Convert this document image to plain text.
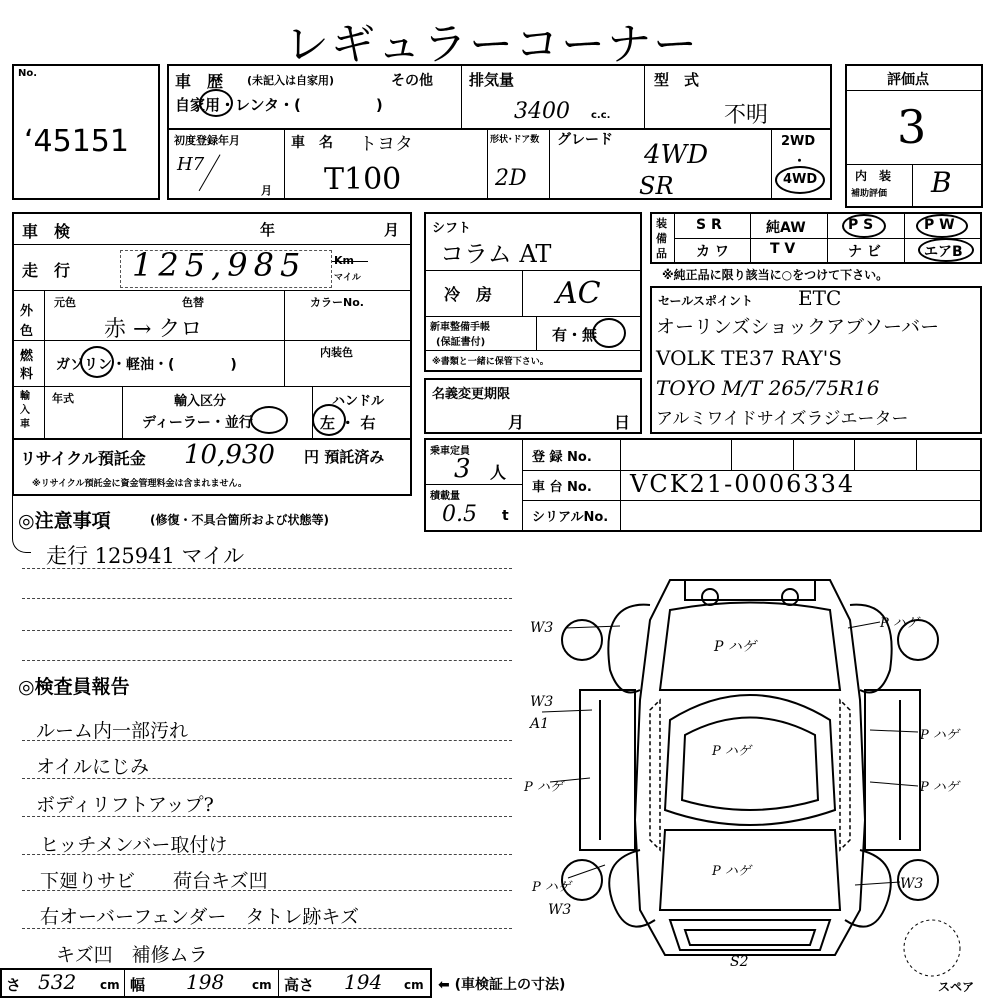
レギュラーコーナー
No.
‘45151
車　歴 (未記入は自家用)	その他
自家用・レンタ・(　　　　　)
排気量
3400 c.c.
型　式
不明
初度登録年月
H7
月
車　名 トヨタ
T100
形状･ドア数
2D
グレード 4WD
SR
2WD
・
4WD
評価点
3
内　装
補助評価 B
車　検	年	月
走　行 125,985	Km
マイル
外色
元色	色替
赤 → クロ
カラーNo.
燃料
ガソリン・軽油・(　　　　)
内装色
輸入車
年式	輸入区分
ディーラー・並行
ハンドル
左 ・ 右
リサイクル預託金 10,930 円 預託済み
※リサイクル預託金に資金管理料金は含まれません。
シフト
コラム AT
冷　房 AC
新車整備手帳
(保証書付)	有・無
※書類と一緒に保管下さい。
名義変更期限
月	日
乗車定員
3 人
積載量
0.5 t
登 録 No.
車 台 No. VCK21-0006334
シリアルNo.
装備品
S R	純AW	P S	P W
カ ワ	T V	ナ ビ	エアB
※純正品に限り該当に○をつけて下さい。
セールスポイント ETC
オーリンズショックアブソーバー
VOLK TE37 RAY'S
TOYO M/T 265/75R16
アルミワイドサイズラジエーター
◎注意事項	(修復・不具合箇所および状態等)
走行 125941 マイル
◎検査員報告
ルーム内一部汚れ
オイルにじみ
ボディリフトアップ?
ヒッチメンバー取付け
下廻りサビ　　荷台キズ凹
右オーバーフェンダー　タトレ跡キズ
キズ凹　補修ムラ
W3
P ハゲ
P ハゲ
W3
A1
P ハゲ
P ハゲ
P ハゲ	P ハゲ
P ハゲ
P ハゲ
W3
W3
S2
スペア
さ 532 cm 幅 198 cm 高さ 194 cm ⬅ (車検証上の寸法)
